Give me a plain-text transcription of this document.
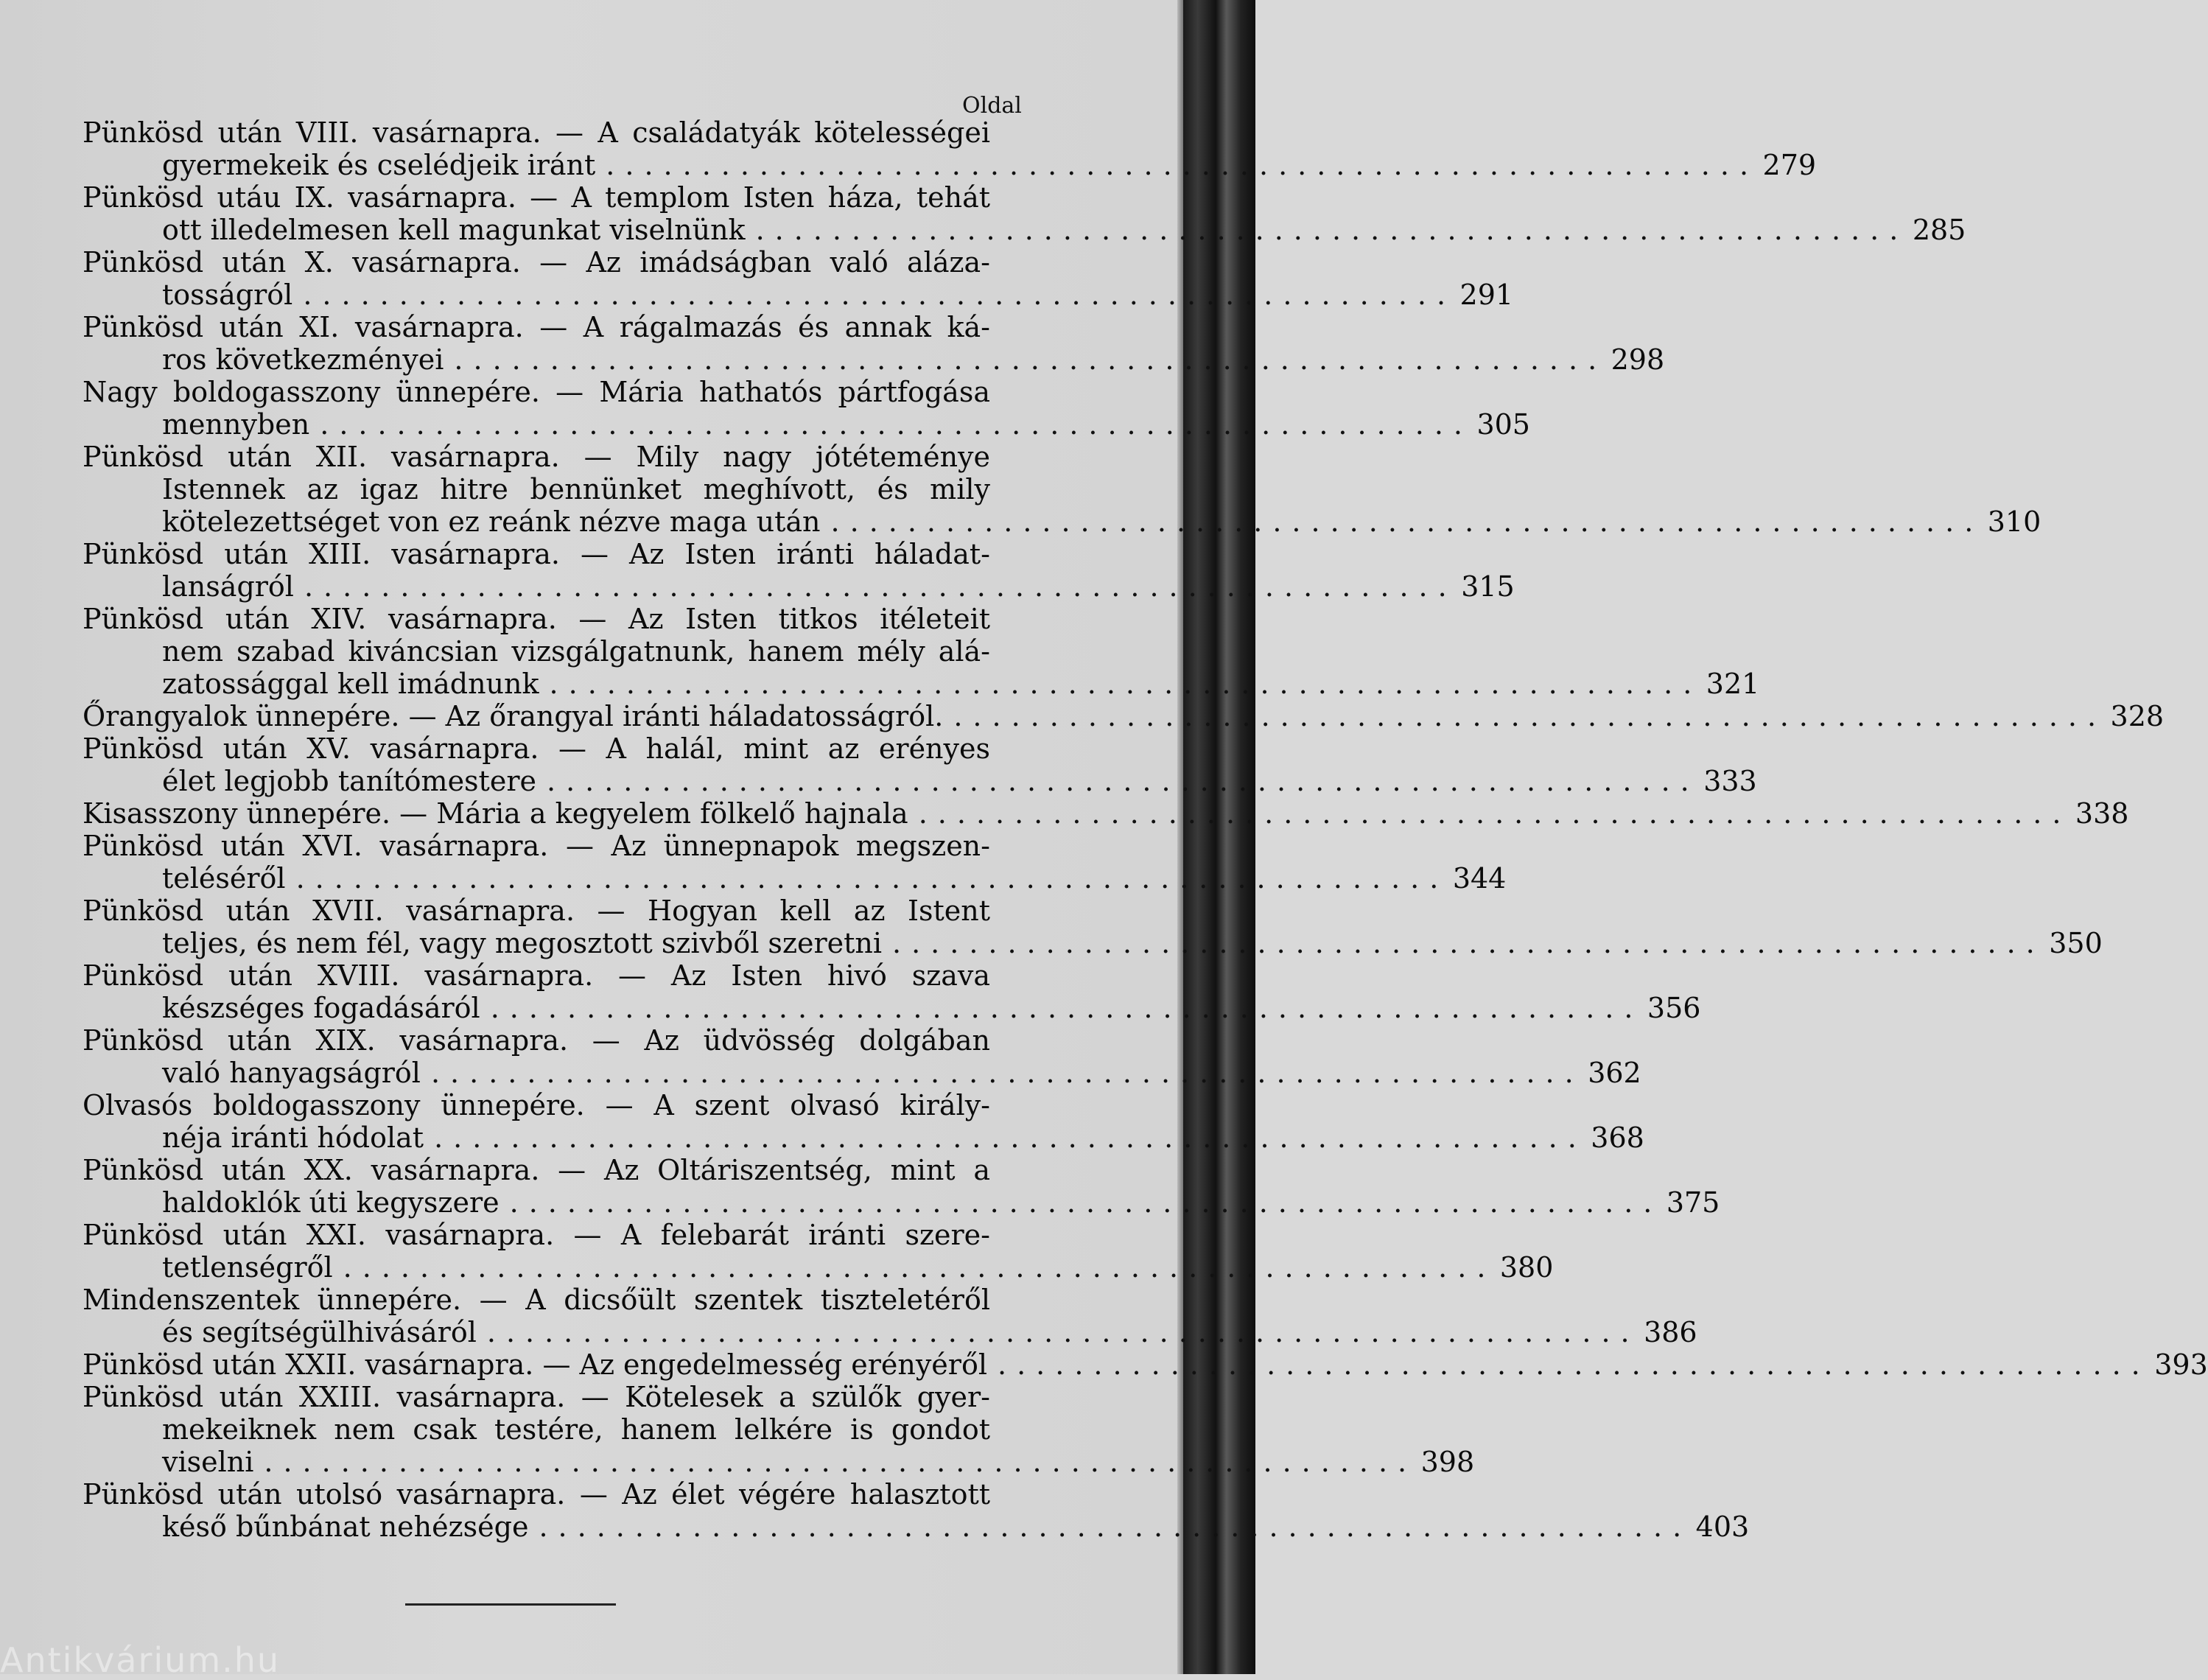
Oldal
Pünkösd után VIII. vasárnapra. — A családatyák kötelességei
gyermekeik és cselédjeik iránt ............................................................ 279
Pünkösd utáu IX. vasárnapra. — A templom Isten háza, tehát
ott illedelmesen kell magunkat viselnünk ............................................................ 285
Pünkösd után X. vasárnapra. — Az imádságban való aláza-
tosságról ............................................................ 291
Pünkösd után XI. vasárnapra. — A rágalmazás és annak ká-
ros következményei ............................................................ 298
Nagy boldogasszony ünnepére. — Mária hathatós pártfogása
mennyben ............................................................ 305
Pünkösd után XII. vasárnapra. — Mily nagy jótéteménye
Istennek az igaz hitre bennünket meghívott, és mily
kötelezettséget von ez reánk nézve maga után ............................................................ 310
Pünkösd után XIII. vasárnapra. — Az Isten iránti háladat-
lanságról ............................................................ 315
Pünkösd után XIV. vasárnapra. — Az Isten titkos itéleteit
nem szabad kiváncsian vizsgálgatnunk, hanem mély alá-
zatossággal kell imádnunk ............................................................ 321
Őrangyalok ünnepére. — Az őrangyal iránti háladatosságról. ............................................................ 328
Pünkösd után XV. vasárnapra. — A halál, mint az erényes
élet legjobb tanítómestere ............................................................ 333
Kisasszony ünnepére. — Mária a kegyelem fölkelő hajnala ............................................................ 338
Pünkösd után XVI. vasárnapra. — Az ünnepnapok megszen-
teléséről ............................................................ 344
Pünkösd után XVII. vasárnapra. — Hogyan kell az Istent
teljes, és nem fél, vagy megosztott szivből szeretni ............................................................ 350
Pünkösd után XVIII. vasárnapra. — Az Isten hivó szava
készséges fogadásáról ............................................................ 356
Pünkösd után XIX. vasárnapra. — Az üdvösség dolgában
való hanyagságról ............................................................ 362
Olvasós boldogasszony ünnepére. — A szent olvasó király-
néja iránti hódolat ............................................................ 368
Pünkösd után XX. vasárnapra. — Az Oltáriszentség, mint a
haldoklók úti kegyszere ............................................................ 375
Pünkösd után XXI. vasárnapra. — A felebarát iránti szere-
tetlenségről ............................................................ 380
Mindenszentek ünnepére. — A dicsőült szentek tiszteletéről
és segítségülhivásáról ............................................................ 386
Pünkösd után XXII. vasárnapra. — Az engedelmesség erényéről ............................................................ 393
Pünkösd után XXIII. vasárnapra. — Kötelesek a szülők gyer-
mekeiknek nem csak testére, hanem lelkére is gondot
viselni ............................................................ 398
Pünkösd után utolsó vasárnapra. — Az élet végére halasztott
késő bűnbánat nehézsége ............................................................ 403
Antikvárium.hu
